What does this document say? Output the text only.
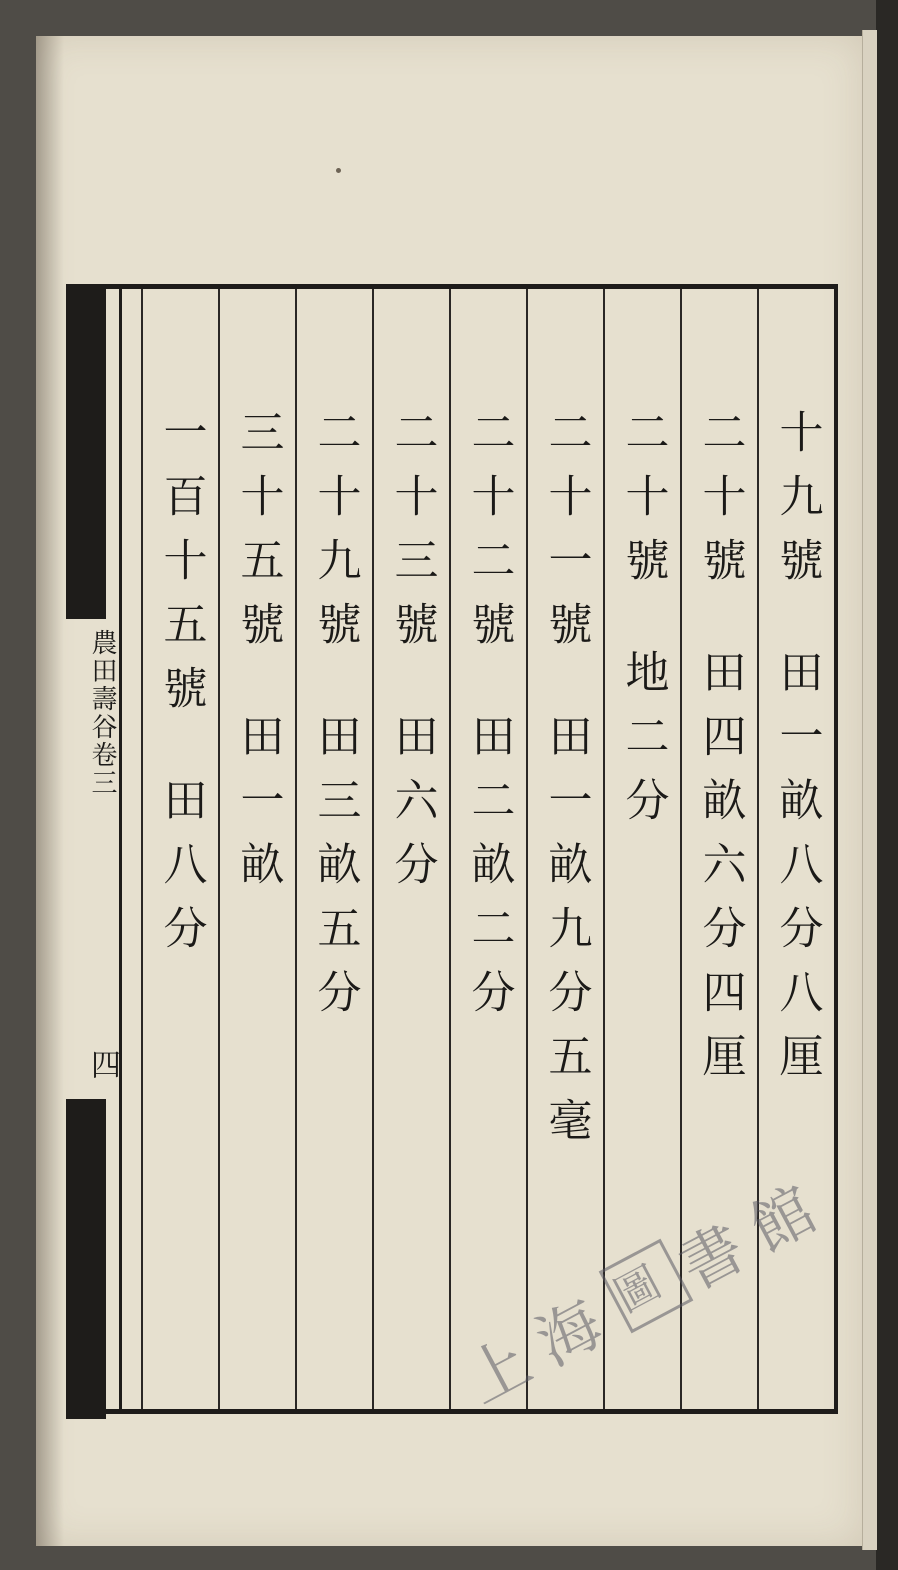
農田壽谷卷三
四
十九號田一畝八分八厘
二十號田四畝六分四厘
二十號地二分
二十一號田一畝九分五毫
二十二號田二畝二分
二十三號田六分
二十九號田三畝五分
三十五號田一畝
一百十五號田八分
上
海
圖
書
館
